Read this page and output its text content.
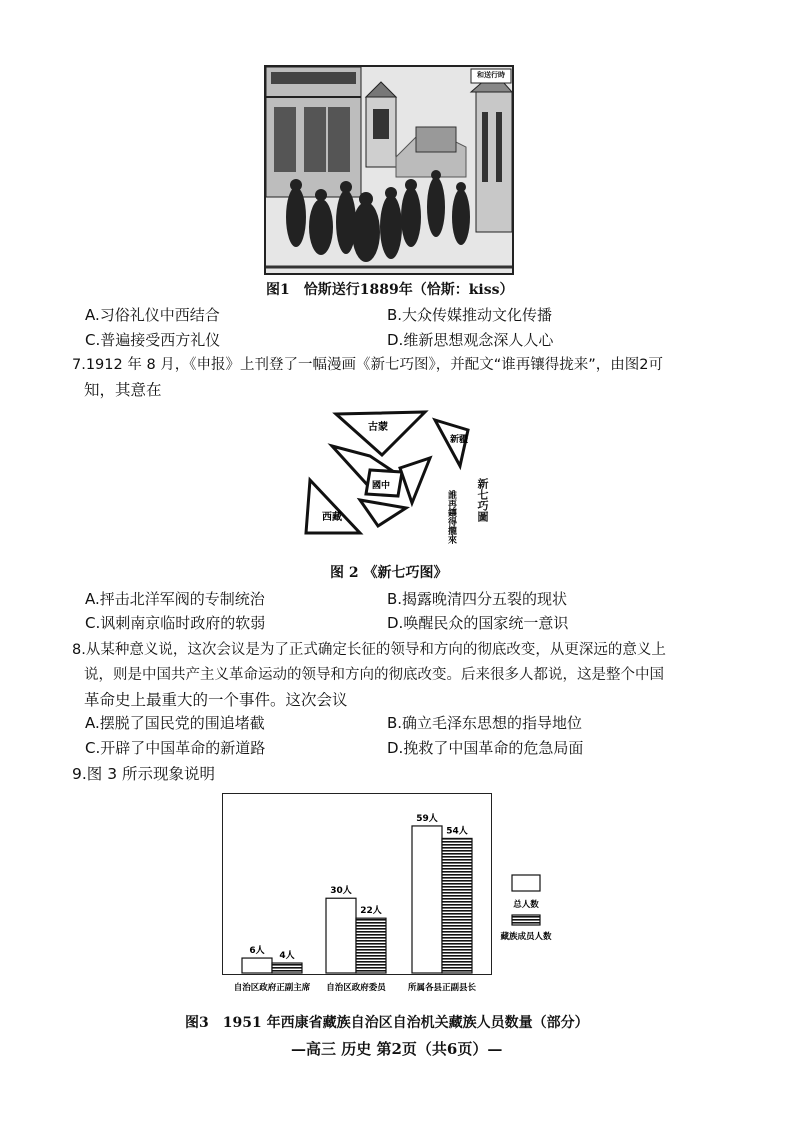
和送行時
图1　恰斯送行1889年（恰斯：kiss）
A.习俗礼仪中西结合	B.大众传媒推动文化传播
C.普遍接受西方礼仪	D.维新思想观念深人人心
7.1912 年 8 月，《申报》上刊登了一幅漫画《新七巧图》，并配文“谁再镶得拢来”，由图2可
知，其意在
古蒙
新疆
國中
西藏	新七巧圖
誰再鑲得攏來
图 2 《新七巧图》
A.抨击北洋军阀的专制统治	B.揭露晚清四分五裂的现状
C.讽刺南京临时政府的软弱	D.唤醒民众的国家统一意识
8.从某种意义说，这次会议是为了正式确定长征的领导和方向的彻底改变，从更深远的意义上
说，则是中国共产主义革命运动的领导和方向的彻底改变。后来很多人都说，这是整个中国
革命史上最重大的一个事件。这次会议
A.摆脱了国民党的围追堵截	B.确立毛泽东思想的指导地位
C.开辟了中国革命的新道路	D.挽救了中国革命的危急局面
9.图 3 所示现象说明
6人 4人
自治区政府正副主席
30人
22人
自治区政府委员
59人
54人
所属各县正副县长
总人数
藏族成员人数
图3　1951 年西康省藏族自治区自治机关藏族人员数量（部分）
—高三 历史 第2页（共6页）—
